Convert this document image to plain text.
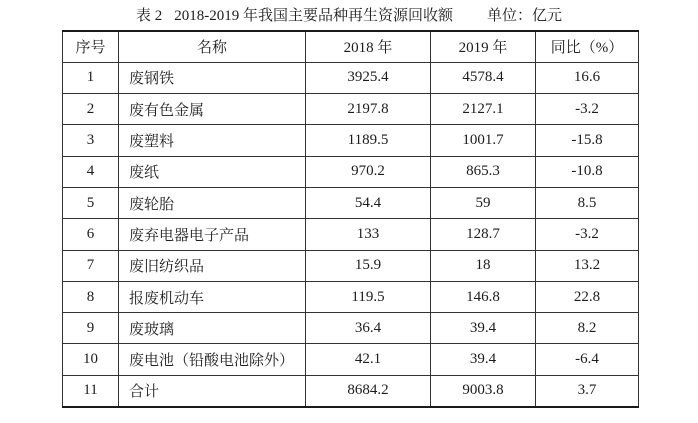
表 2 2018-2019 年我国主要品种再生资源回收额 单位：亿元
序号	名称	2018 年	2019 年	同比（%）
1	废钢铁	3925.4	4578.4	16.6
2	废有色金属	2197.8	2127.1	-3.2
3	废塑料	1189.5	1001.7	-15.8
4	废纸	970.2	865.3	-10.8
5	废轮胎	54.4	59	8.5
6	废弃电器电子产品	133	128.7	-3.2
7	废旧纺织品	15.9	18	13.2
8	报废机动车	119.5	146.8	22.8
9	废玻璃	36.4	39.4	8.2
10	废电池（铅酸电池除外）	42.1	39.4	-6.4
11	合计	8684.2	9003.8	3.7
